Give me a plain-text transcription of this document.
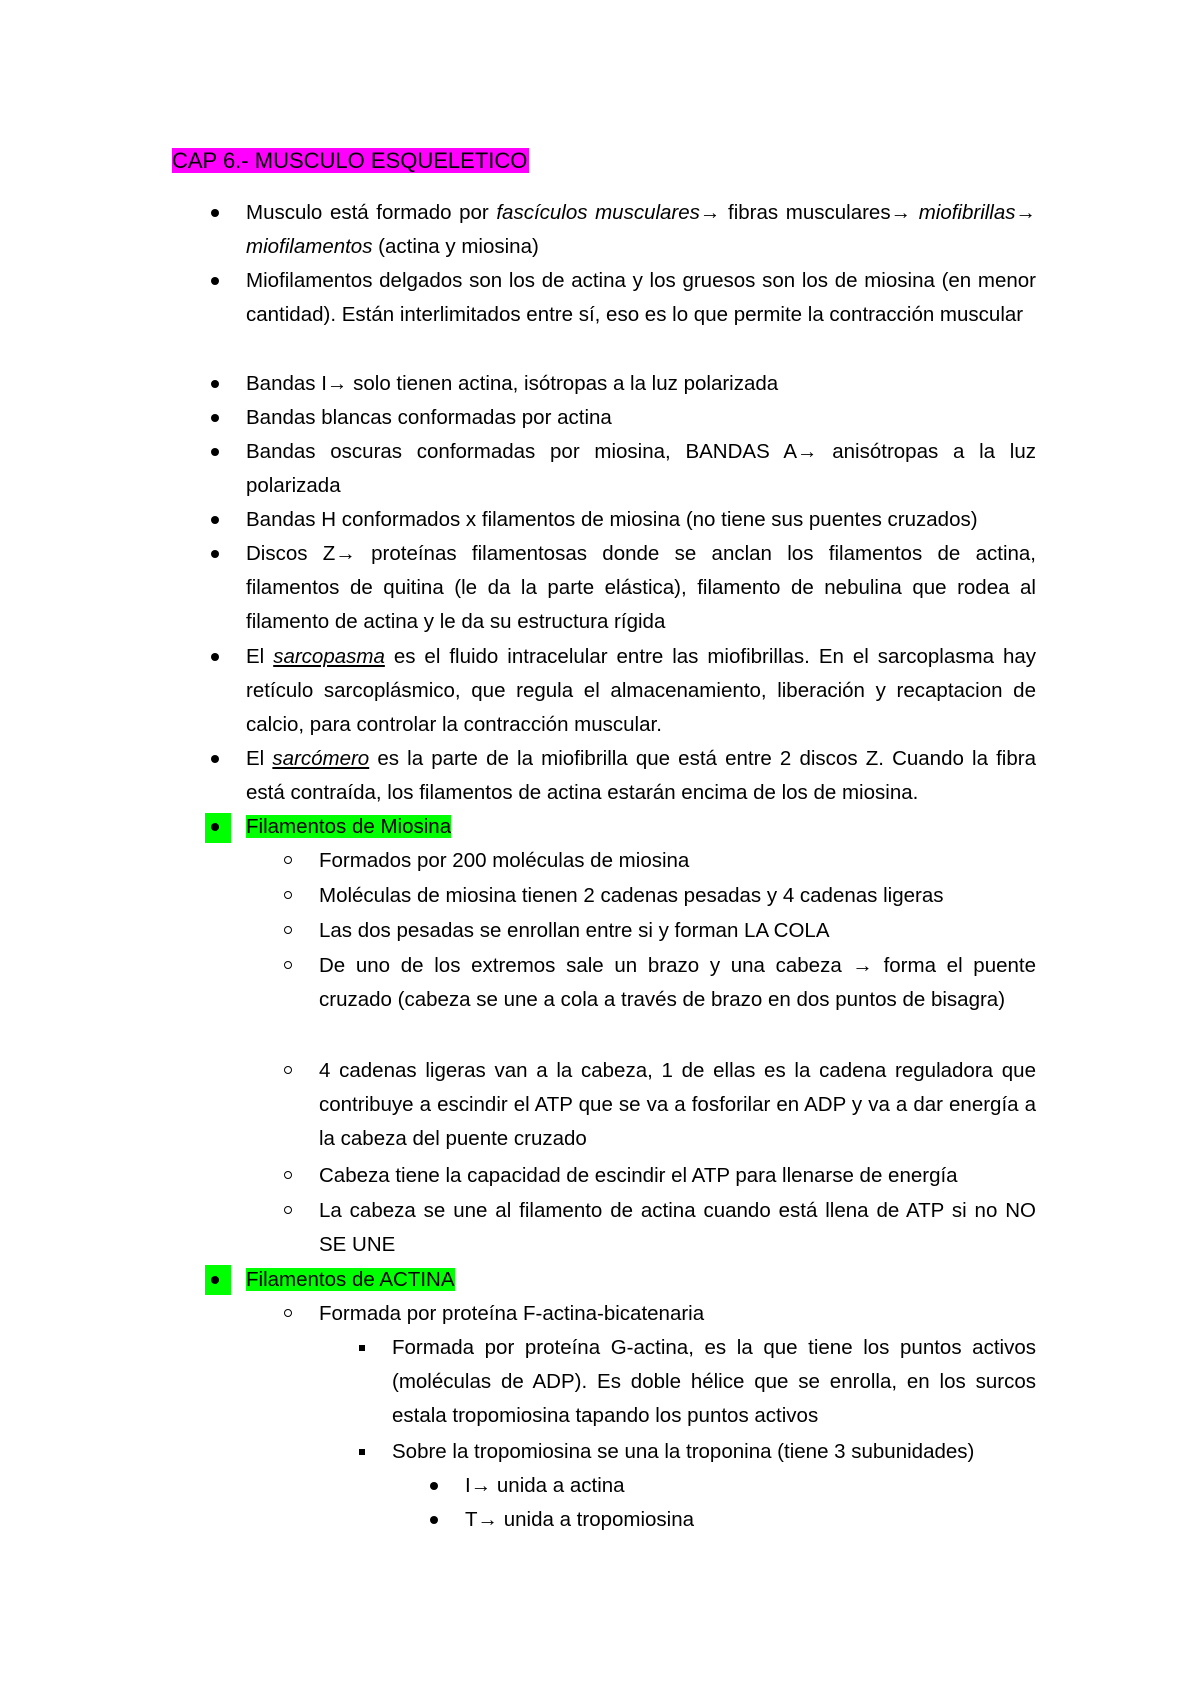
CAP 6.- MUSCULO ESQUELETICO
Musculo está formado por fascículos musculares→ fibras musculares→ miofibrillas→ miofilamentos (actina y miosina)
Miofilamentos delgados son los de actina y los gruesos son los de miosina (en menor cantidad). Están interlimitados entre sí, eso es lo que permite la contracción muscular
Bandas I→ solo tienen actina, isótropas a la luz polarizada
Bandas blancas conformadas por actina
Bandas oscuras conformadas por miosina, BANDAS A→ anisótropas a la luz polarizada
Bandas H conformados x filamentos de miosina (no tiene sus puentes cruzados)
Discos Z→ proteínas filamentosas donde se anclan los filamentos de actina, filamentos de quitina (le da la parte elástica), filamento de nebulina que rodea al filamento de actina y le da su estructura rígida
El sarcopasma es el fluido intracelular entre las miofibrillas. En el sarcoplasma hay retículo sarcoplásmico, que regula el almacenamiento, liberación y recaptacion de calcio, para controlar la contracción muscular.
El sarcómero es la parte de la miofibrilla que está entre 2 discos Z. Cuando la fibra está contraída, los filamentos de actina estarán encima de los de miosina.
Filamentos de Miosina
Formados por 200 moléculas de miosina
Moléculas de miosina tienen 2 cadenas pesadas y 4 cadenas ligeras
Las dos pesadas se enrollan entre si y forman LA COLA
De uno de los extremos sale un brazo y una cabeza → forma el puente cruzado (cabeza se une a cola a través de brazo en dos puntos de bisagra)
4 cadenas ligeras van a la cabeza, 1 de ellas es la cadena reguladora que contribuye a escindir el ATP que se va a fosforilar en ADP y va a dar energía a la cabeza del puente cruzado
Cabeza tiene la capacidad de escindir el ATP para llenarse de energía
La cabeza se une al filamento de actina cuando está llena de ATP si no NO SE UNE
Filamentos de ACTINA
Formada por proteína F-actina-bicatenaria
Formada por proteína G-actina, es la que tiene los puntos activos (moléculas de ADP). Es doble hélice que se enrolla, en los surcos estala tropomiosina tapando los puntos activos
Sobre la tropomiosina se una la troponina (tiene 3 subunidades)
I→ unida a actina
T→ unida a tropomiosina
